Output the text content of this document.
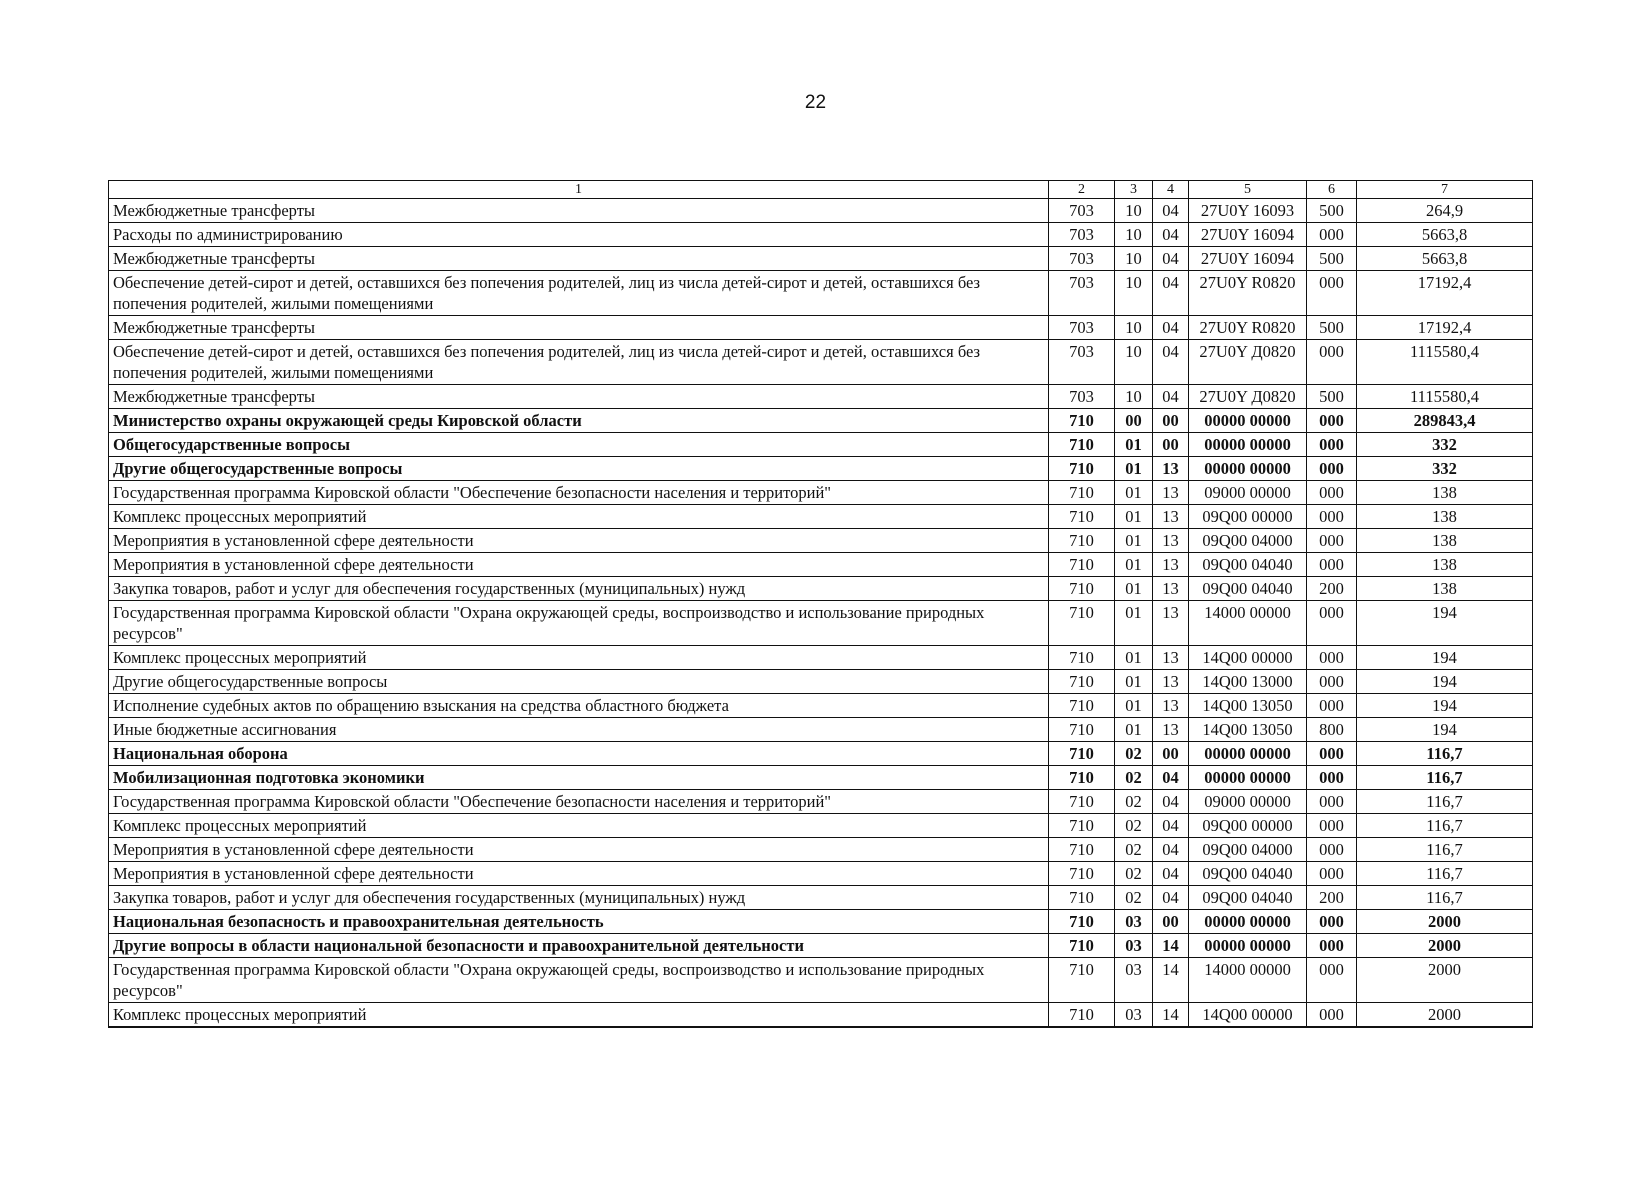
22
1	2	3	4	5	6	7
Межбюджетные трансферты	703	10	04	27U0Y 16093	500	264,9
Расходы по администрированию	703	10	04	27U0Y 16094	000	5663,8
Межбюджетные трансферты	703	10	04	27U0Y 16094	500	5663,8
Обеспечение детей-сирот и детей, оставшихся без попечения родителей, лиц из числа детей-сирот и детей, оставшихся без попечения родителей, жилыми помещениями	703	10	04	27U0Y R0820	000	17192,4
Межбюджетные трансферты	703	10	04	27U0Y R0820	500	17192,4
Обеспечение детей-сирот и детей, оставшихся без попечения родителей, лиц из числа детей-сирот и детей, оставшихся без попечения родителей, жилыми помещениями	703	10	04	27U0Y Д0820	000	1115580,4
Межбюджетные трансферты	703	10	04	27U0Y Д0820	500	1115580,4
Министерство охраны окружающей среды Кировской области	710	00	00	00000 00000	000	289843,4
Общегосударственные вопросы	710	01	00	00000 00000	000	332
Другие общегосударственные вопросы	710	01	13	00000 00000	000	332
Государственная программа Кировской области "Обеспечение безопасности населения и территорий"	710	01	13	09000 00000	000	138
Комплекс процессных мероприятий	710	01	13	09Q00 00000	000	138
Мероприятия в установленной сфере деятельности	710	01	13	09Q00 04000	000	138
Мероприятия в установленной сфере деятельности	710	01	13	09Q00 04040	000	138
Закупка товаров, работ и услуг для обеспечения государственных (муниципальных) нужд	710	01	13	09Q00 04040	200	138
Государственная программа Кировской области "Охрана окружающей среды, воспроизводство и использование природных ресурсов"	710	01	13	14000 00000	000	194
Комплекс процессных мероприятий	710	01	13	14Q00 00000	000	194
Другие общегосударственные вопросы	710	01	13	14Q00 13000	000	194
Исполнение судебных актов по обращению взыскания на средства областного бюджета	710	01	13	14Q00 13050	000	194
Иные бюджетные ассигнования	710	01	13	14Q00 13050	800	194
Национальная оборона	710	02	00	00000 00000	000	116,7
Мобилизационная подготовка экономики	710	02	04	00000 00000	000	116,7
Государственная программа Кировской области "Обеспечение безопасности населения и территорий"	710	02	04	09000 00000	000	116,7
Комплекс процессных мероприятий	710	02	04	09Q00 00000	000	116,7
Мероприятия в установленной сфере деятельности	710	02	04	09Q00 04000	000	116,7
Мероприятия в установленной сфере деятельности	710	02	04	09Q00 04040	000	116,7
Закупка товаров, работ и услуг для обеспечения государственных (муниципальных) нужд	710	02	04	09Q00 04040	200	116,7
Национальная безопасность и правоохранительная деятельность	710	03	00	00000 00000	000	2000
Другие вопросы в области национальной безопасности и правоохранительной деятельности	710	03	14	00000 00000	000	2000
Государственная программа Кировской области "Охрана окружающей среды, воспроизводство и использование природных ресурсов"	710	03	14	14000 00000	000	2000
Комплекс процессных мероприятий	710	03	14	14Q00 00000	000	2000
